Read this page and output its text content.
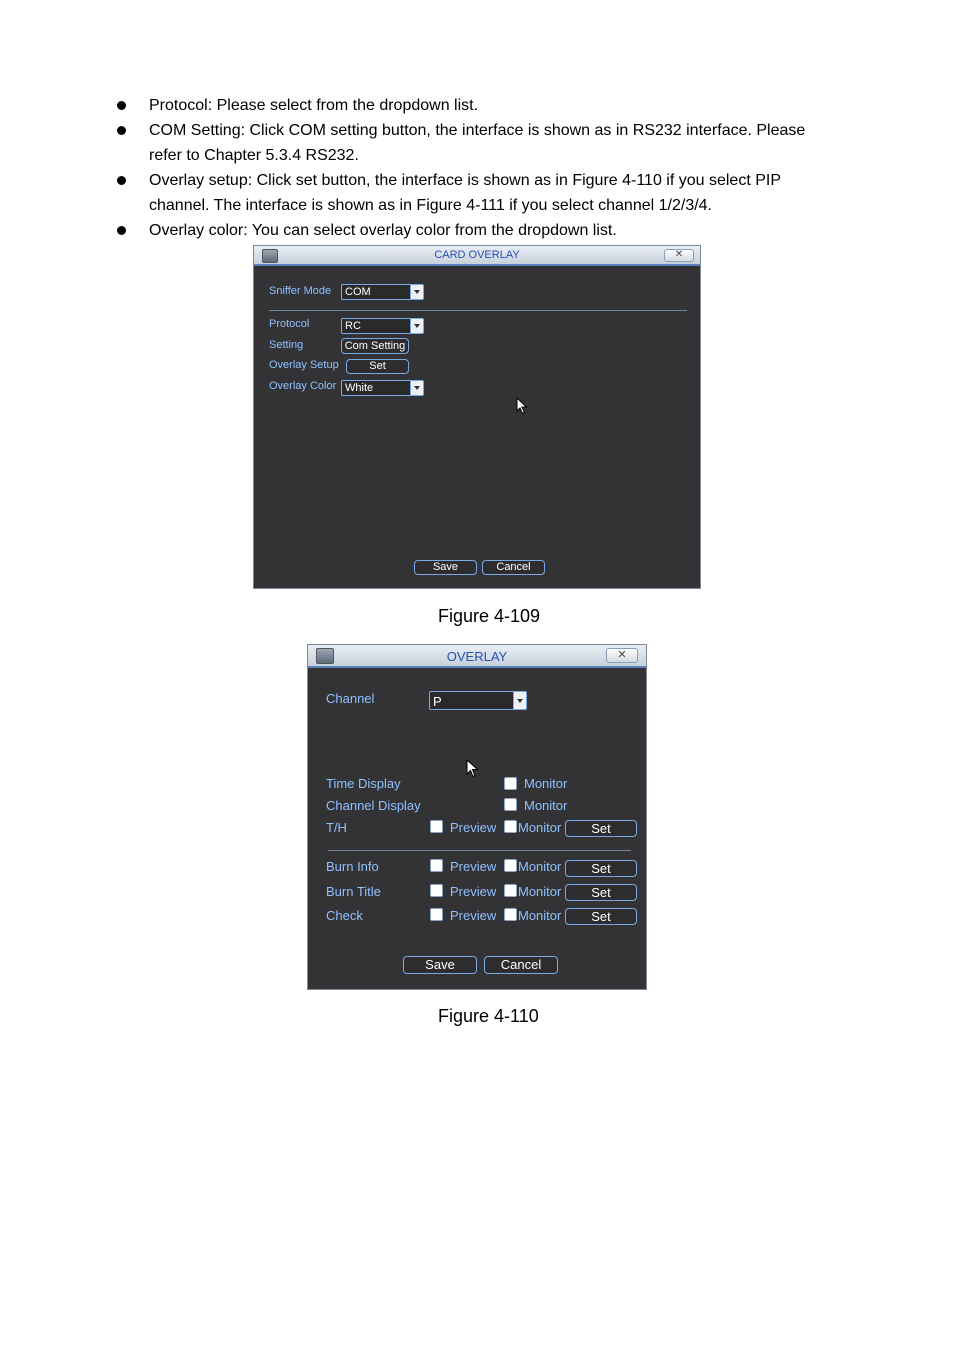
Protocol: Please select from the dropdown list.
COM Setting: Click COM setting button, the interface is shown as in RS232 interface. Please refer to Chapter 5.3.4 RS232.
Overlay setup: Click set button, the interface is shown as in Figure 4-110 if you select PIP channel. The interface is shown as in Figure 4-111 if you select channel 1/2/3/4.
Overlay color: You can select overlay color from the dropdown list.
CARD OVERLAY	✕
Sniffer Mode COM
Protocol	RC
Setting	Com Setting
Overlay Setup	Set
Overlay Color White
Save	Cancel
Figure 4-109
OVERLAY	✕
Channel	P
Time Display	Monitor
Channel Display	Monitor
T/H	Preview Monitor	Set
Burn Info	Preview Monitor	Set
Burn Title	Preview Monitor	Set
Check	Preview Monitor	Set
Save	Cancel
Figure 4-110
